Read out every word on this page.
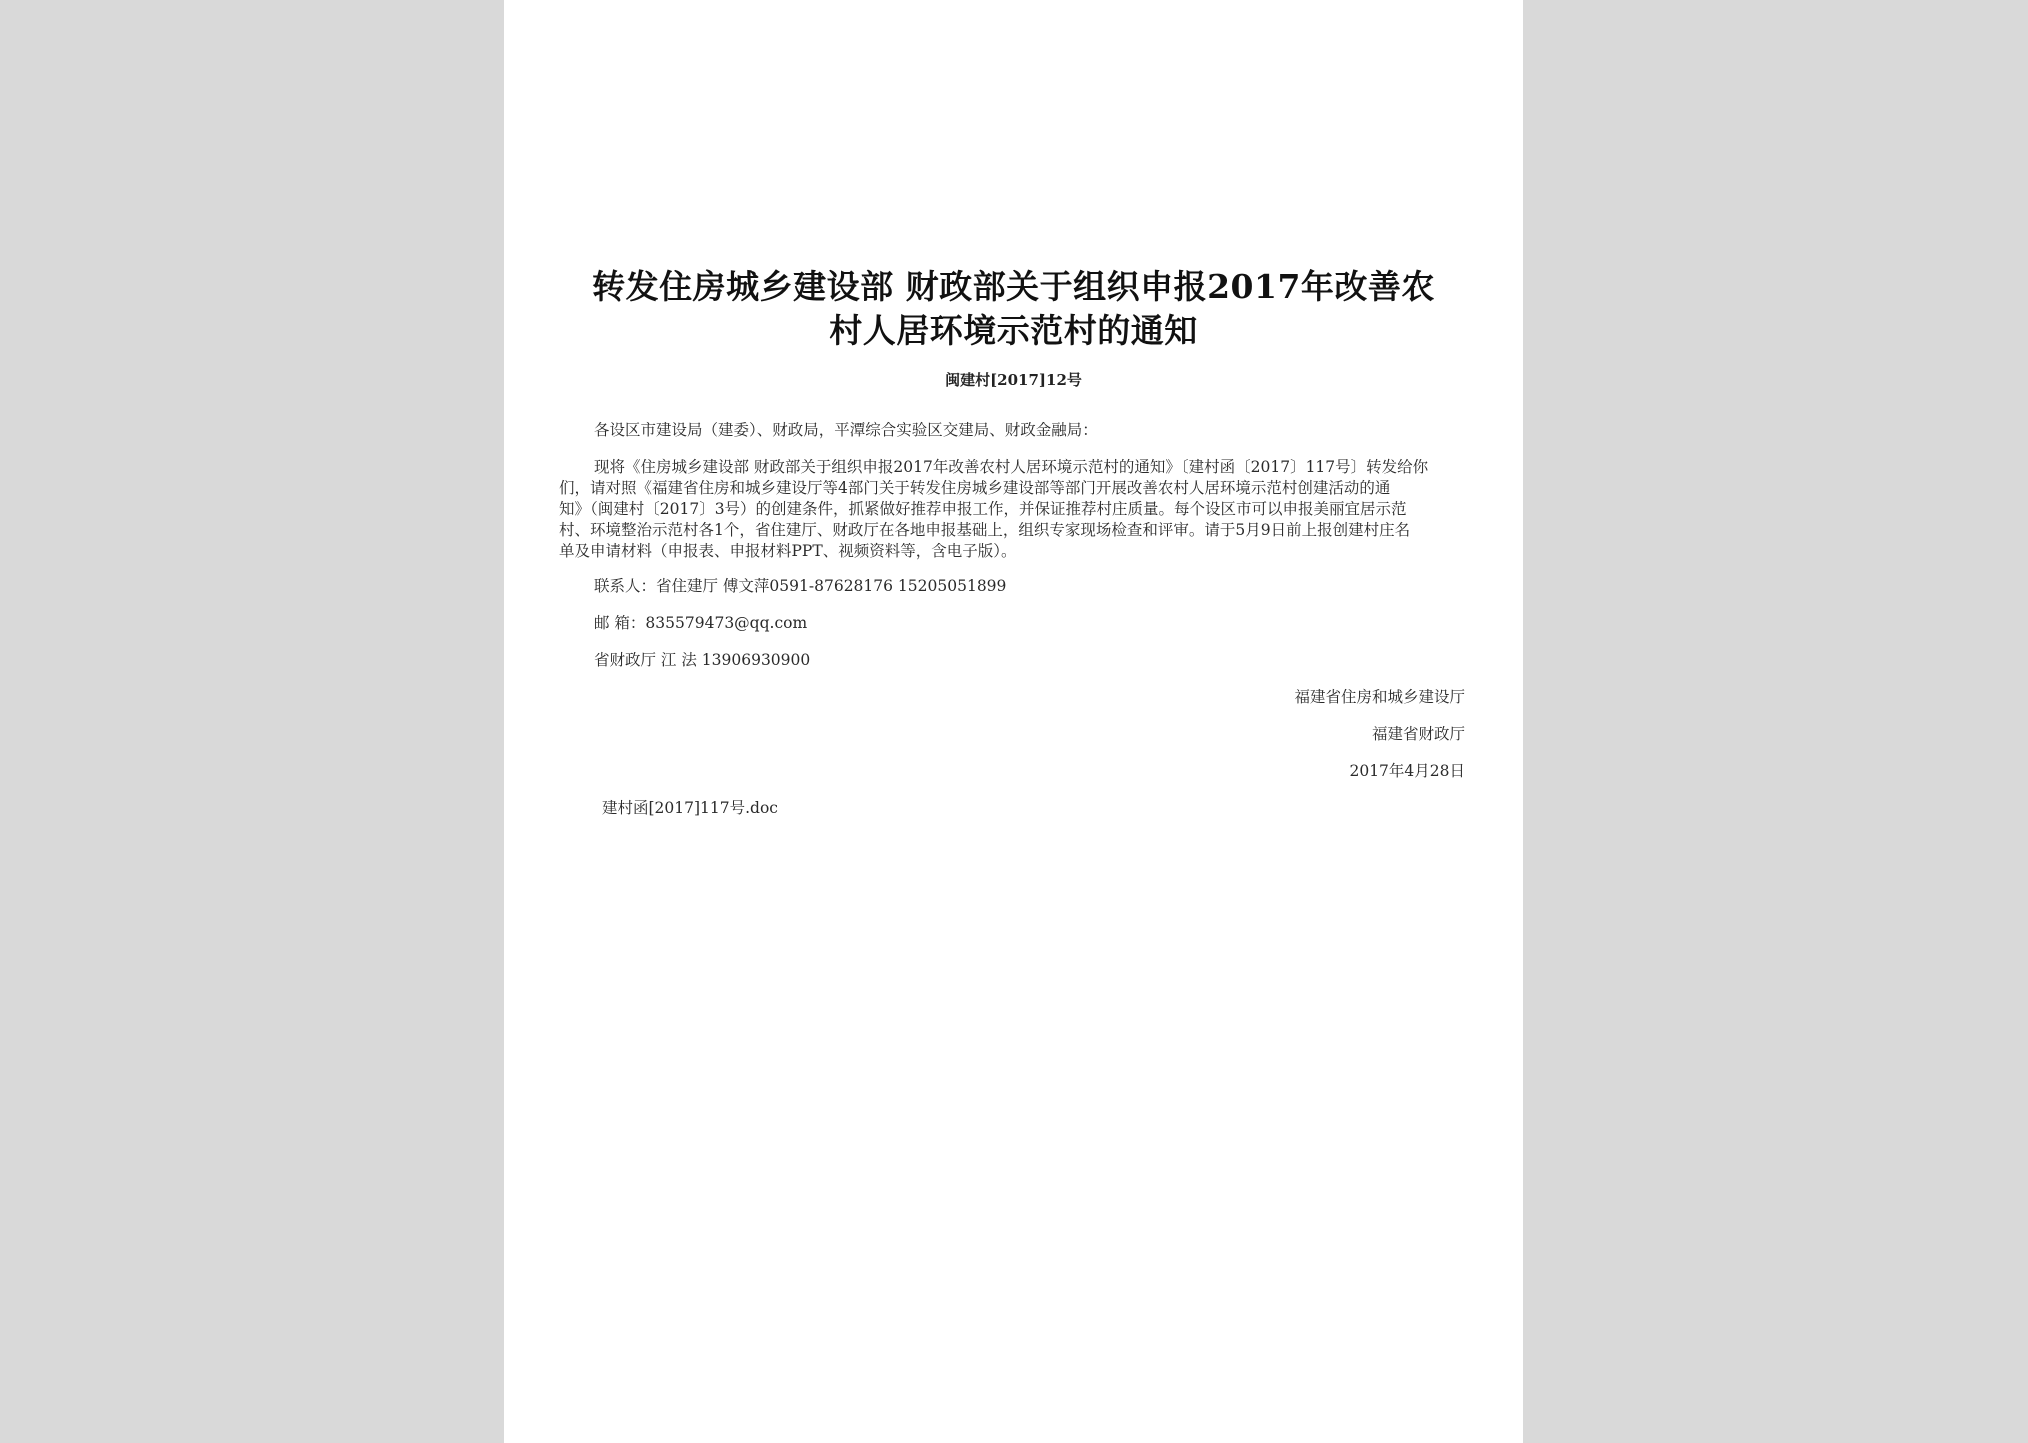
转发住房城乡建设部 财政部关于组织申报2017年改善农
村人居环境示范村的通知
闽建村[2017]12号
各设区市建设局（建委）、财政局，平潭综合实验区交建局、财政金融局：
现将《住房城乡建设部 财政部关于组织申报2017年改善农村人居环境示范村的通知》〔建村函〔2017〕117号〕转发给你
们，请对照《福建省住房和城乡建设厅等4部门关于转发住房城乡建设部等部门开展改善农村人居环境示范村创建活动的通
知》（闽建村〔2017〕3号）的创建条件，抓紧做好推荐申报工作，并保证推荐村庄质量。每个设区市可以申报美丽宜居示范
村、环境整治示范村各1个，省住建厅、财政厅在各地申报基础上，组织专家现场检查和评审。请于5月9日前上报创建村庄名
单及申请材料（申报表、申报材料PPT、视频资料等，含电子版）。
联系人：省住建厅 傅文萍0591-87628176 15205051899
邮 箱：835579473@qq.com
省财政厅 江 法 13906930900
福建省住房和城乡建设厅
福建省财政厅
2017年4月28日
建村函[2017]117号.doc
